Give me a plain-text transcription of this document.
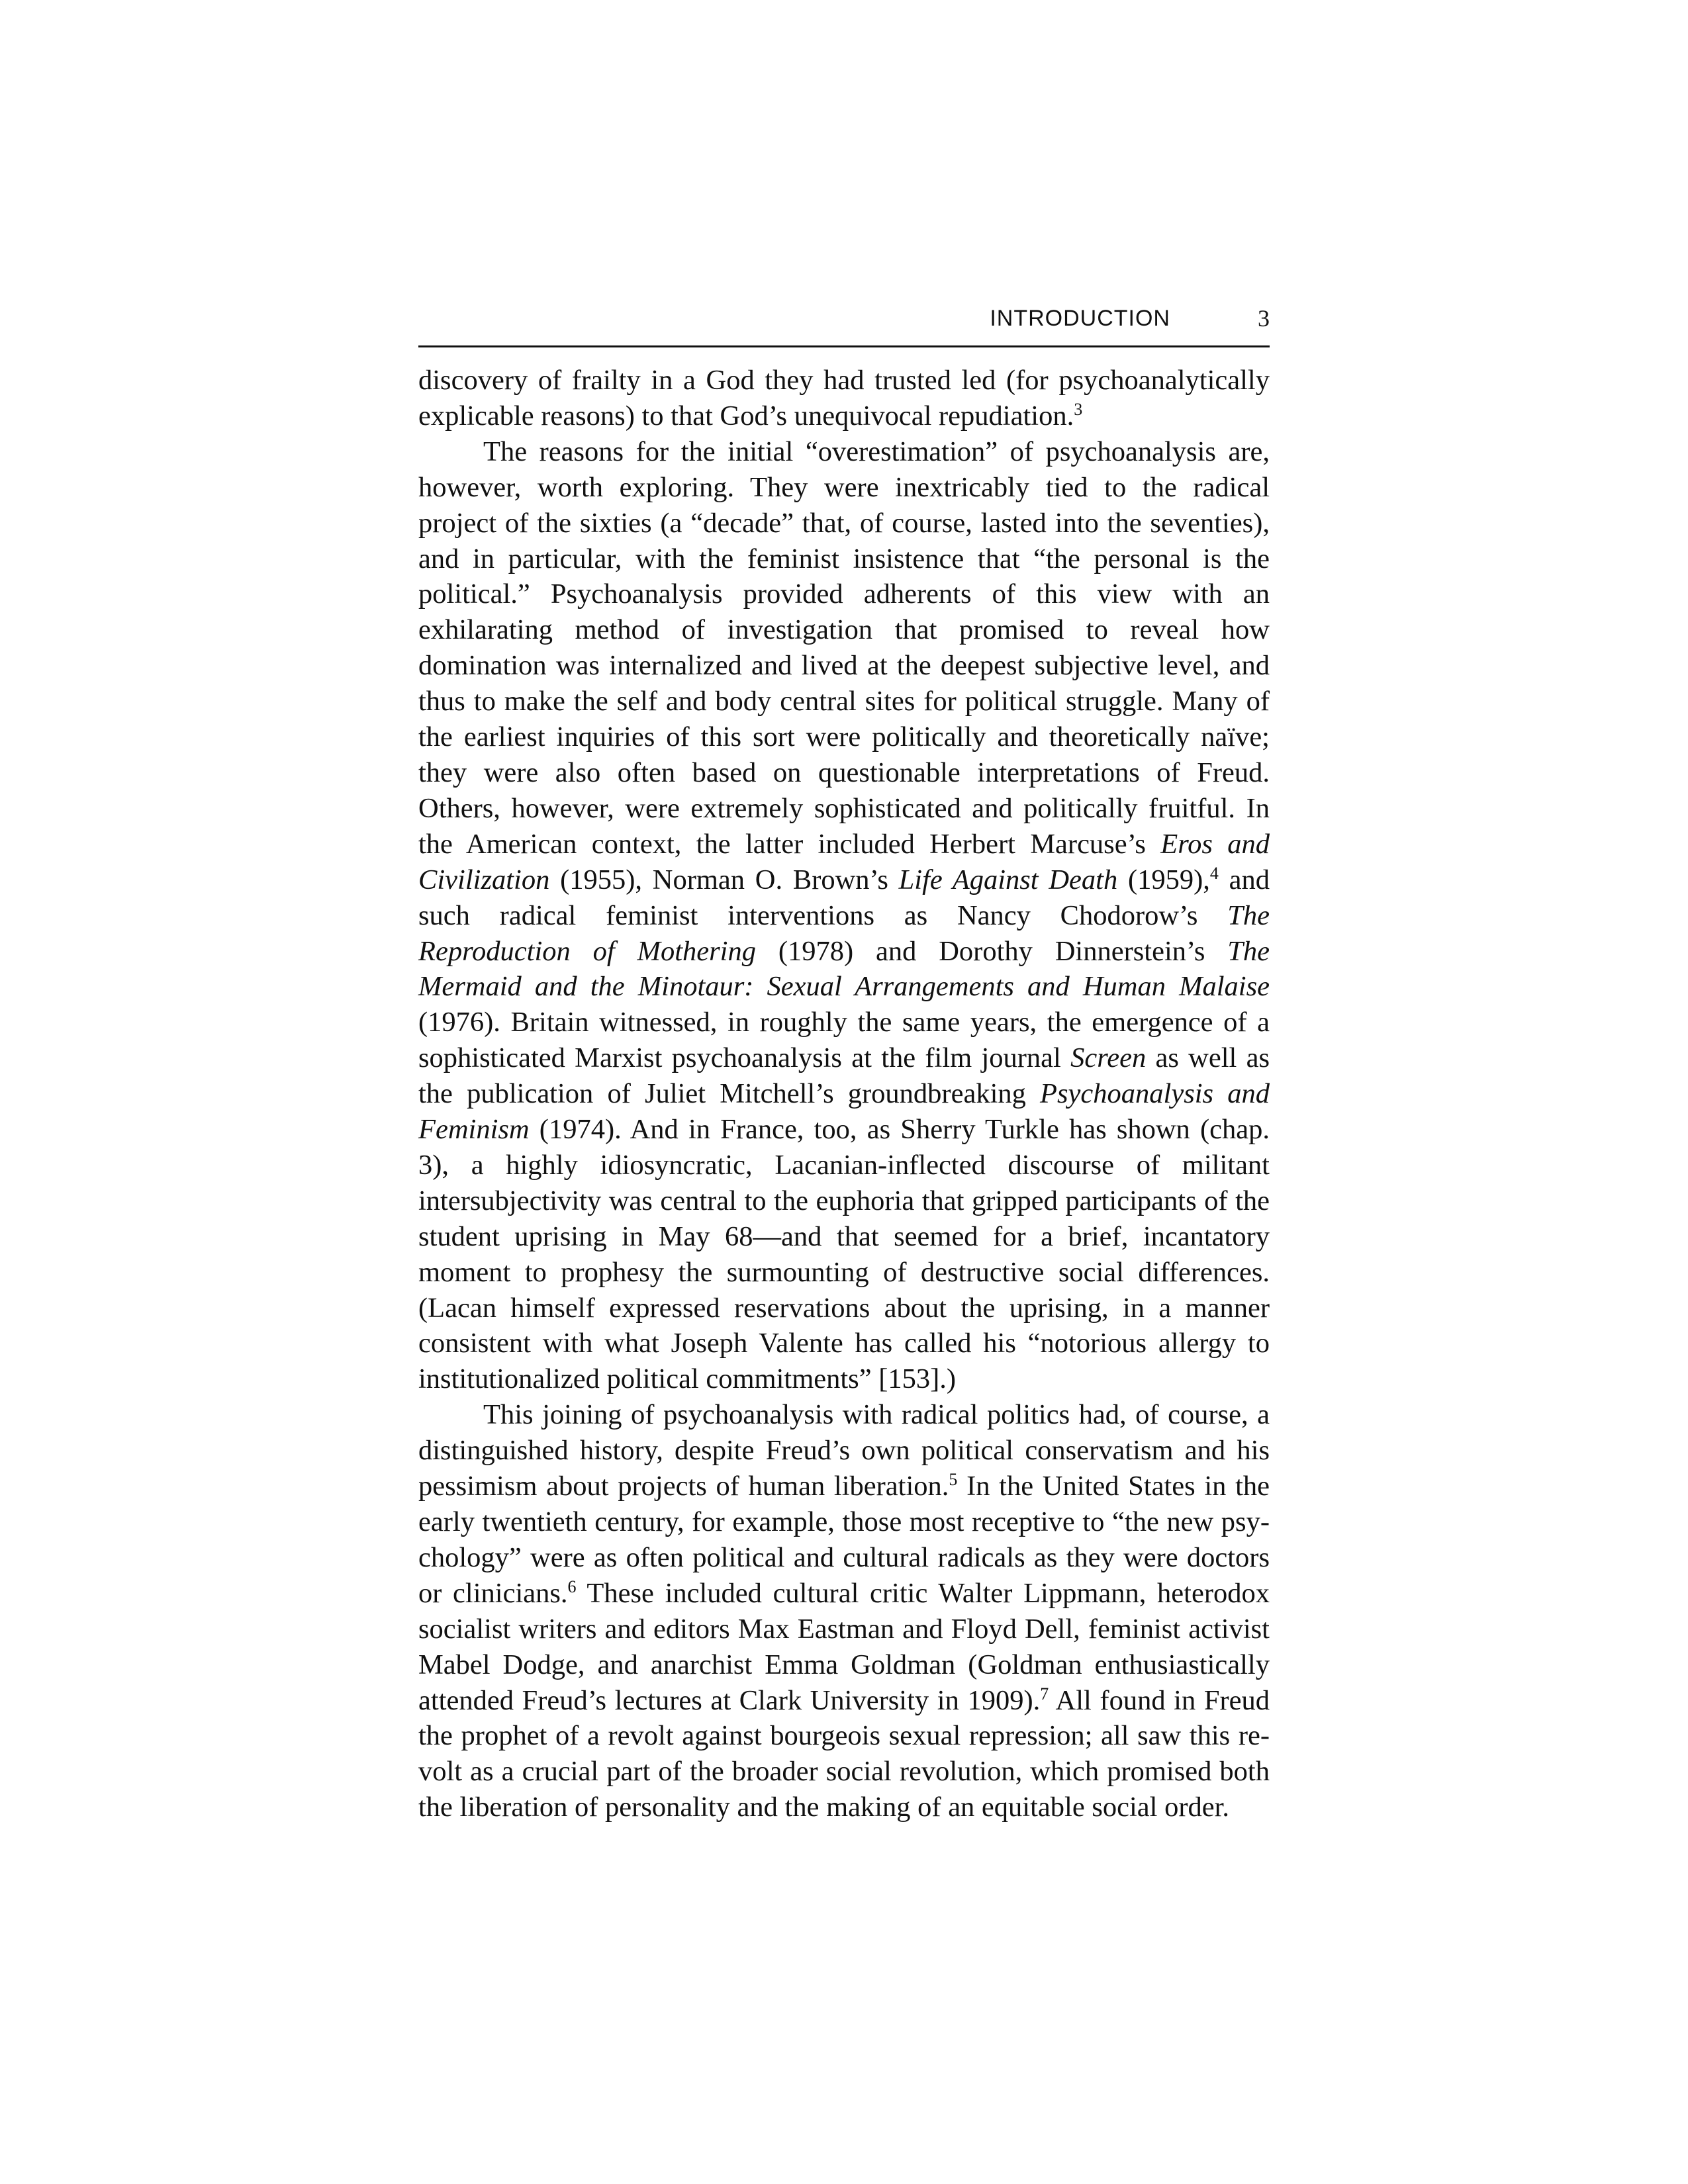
INTRODUCTION	3

discovery of frailty in a God they had trusted led (for psychoanalytically explicable reasons) to that God’s unequivocal repudiation.$^3$

The reasons for the initial “overestimation” of psychoanalysis are, however, worth exploring. They were inextricably tied to the radical project of the sixties (a “decade” that, of course, lasted into the seventies), and in particular, with the feminist insistence that “the personal is the political.” Psychoanalysis provided adherents of this view with an exhilarating method of investigation that promised to reveal how domination was internalized and lived at the deepest subjective level, and thus to make the self and body central sites for political struggle. Many of the earliest inquiries of this sort were politically and theoretically naïve; they were also often based on questionable interpretations of Freud. Others, however, were extremely sophisticated and politically fruitful. In the American context, the latter included Herbert Marcuse’s Eros and Civilization (1955), Norman O. Brown’s Life Against Death (1959),$^4$ and such radical feminist interventions as Nancy Chodorow’s The Reproduction of Mothering (1978) and Dorothy Dinnerstein’s The Mermaid and the Minotaur: Sexual Arrangements and Human Malaise (1976). Britain witnessed, in roughly the same years, the emergence of a sophisticated Marxist psychoanalysis at the film journal Screen as well as the publication of Juliet Mitchell’s groundbreaking Psychoanalysis and Feminism (1974). And in France, too, as Sherry Turkle has shown (chap. 3), a highly idiosyncratic, Lacanian-inflected discourse of militant intersubjectivity was central to the euphoria that gripped participants of the student uprising in May 68—and that seemed for a brief, incantatory moment to prophesy the surmounting of destructive social differences. (Lacan himself expressed reservations about the uprising, in a manner consistent with what Joseph Valente has called his “notorious allergy to institutionalized political commitments” [153].)

This joining of psychoanalysis with radical politics had, of course, a distinguished history, despite Freud’s own political conservatism and his pessimism about projects of human liberation.$^5$ In the United States in the early twentieth century, for example, those most receptive to “the new psychology” were as often political and cultural radicals as they were doctors or clinicians.$^6$ These included cultural critic Walter Lippmann, heterodox socialist writers and editors Max Eastman and Floyd Dell, feminist activist Mabel Dodge, and anarchist Emma Goldman (Goldman enthusiastically attended Freud’s lectures at Clark University in 1909).$^7$ All found in Freud the prophet of a revolt against bourgeois sexual repression; all saw this revolt as a crucial part of the broader social revolution, which promised both the liberation of personality and the making of an equitable social order.
